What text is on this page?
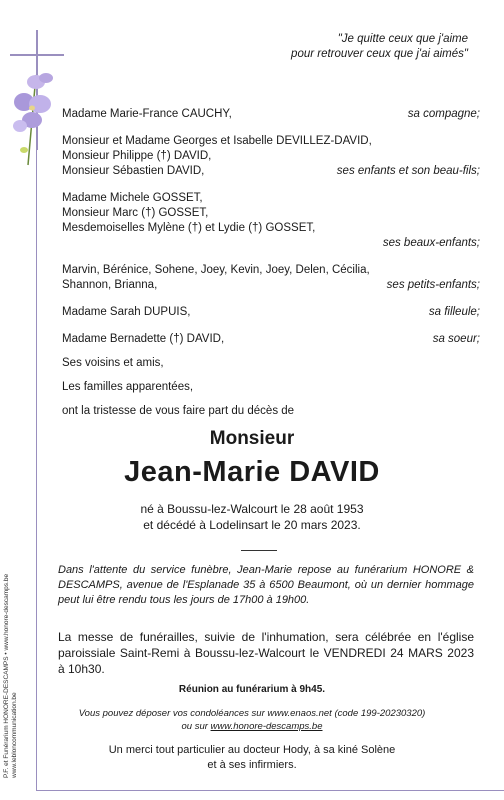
"Je quitte ceux que j'aime
pour retrouver ceux que j'ai aimés"
Madame Marie-France CAUCHY,	sa compagne;
Monsieur et Madame Georges et Isabelle DEVILLEZ-DAVID,
Monsieur Philippe (†) DAVID,
Monsieur Sébastien DAVID,	ses enfants et son beau-fils;
Madame Michele GOSSET,
Monsieur Marc (†) GOSSET,
Mesdemoiselles Mylène (†) et Lydie (†) GOSSET,
ses beaux-enfants;
Marvin, Bérénice, Sohene, Joey, Kevin, Joey, Delen, Cécilia,
Shannon, Brianna,	ses petits-enfants;
Madame Sarah DUPUIS,	sa filleule;
Madame Bernadette (†) DAVID,	sa soeur;
Ses voisins et amis,
Les familles apparentées,
ont la tristesse de vous faire part du décès de
Monsieur
Jean-Marie DAVID
né à Boussu-lez-Walcourt le 28 août 1953
et décédé à Lodelinsart le 20 mars 2023.
Dans l'attente du service funèbre, Jean-Marie repose au funérarium HONORE & DESCAMPS, avenue de l'Esplanade 35 à 6500 Beaumont, où un dernier hommage peut lui être rendu tous les jours de 17h00 à 19h00.
La messe de funérailles, suivie de l'inhumation, sera célébrée en l'église paroissiale Saint-Remi à Boussu-lez-Walcourt le VENDREDI 24 MARS 2023 à 10h30.
Réunion au funérarium à 9h45.
Vous pouvez déposer vos condoléances sur www.enaos.net (code 199-20230320)
ou sur www.honore-descamps.be
Un merci tout particulier au docteur Hody, à sa kiné Solène
et à ses infirmiers.
P.F. et Funérarium HONORE-DESCAMPS • www.honore-descamps.be www.lebloncommunication.be
